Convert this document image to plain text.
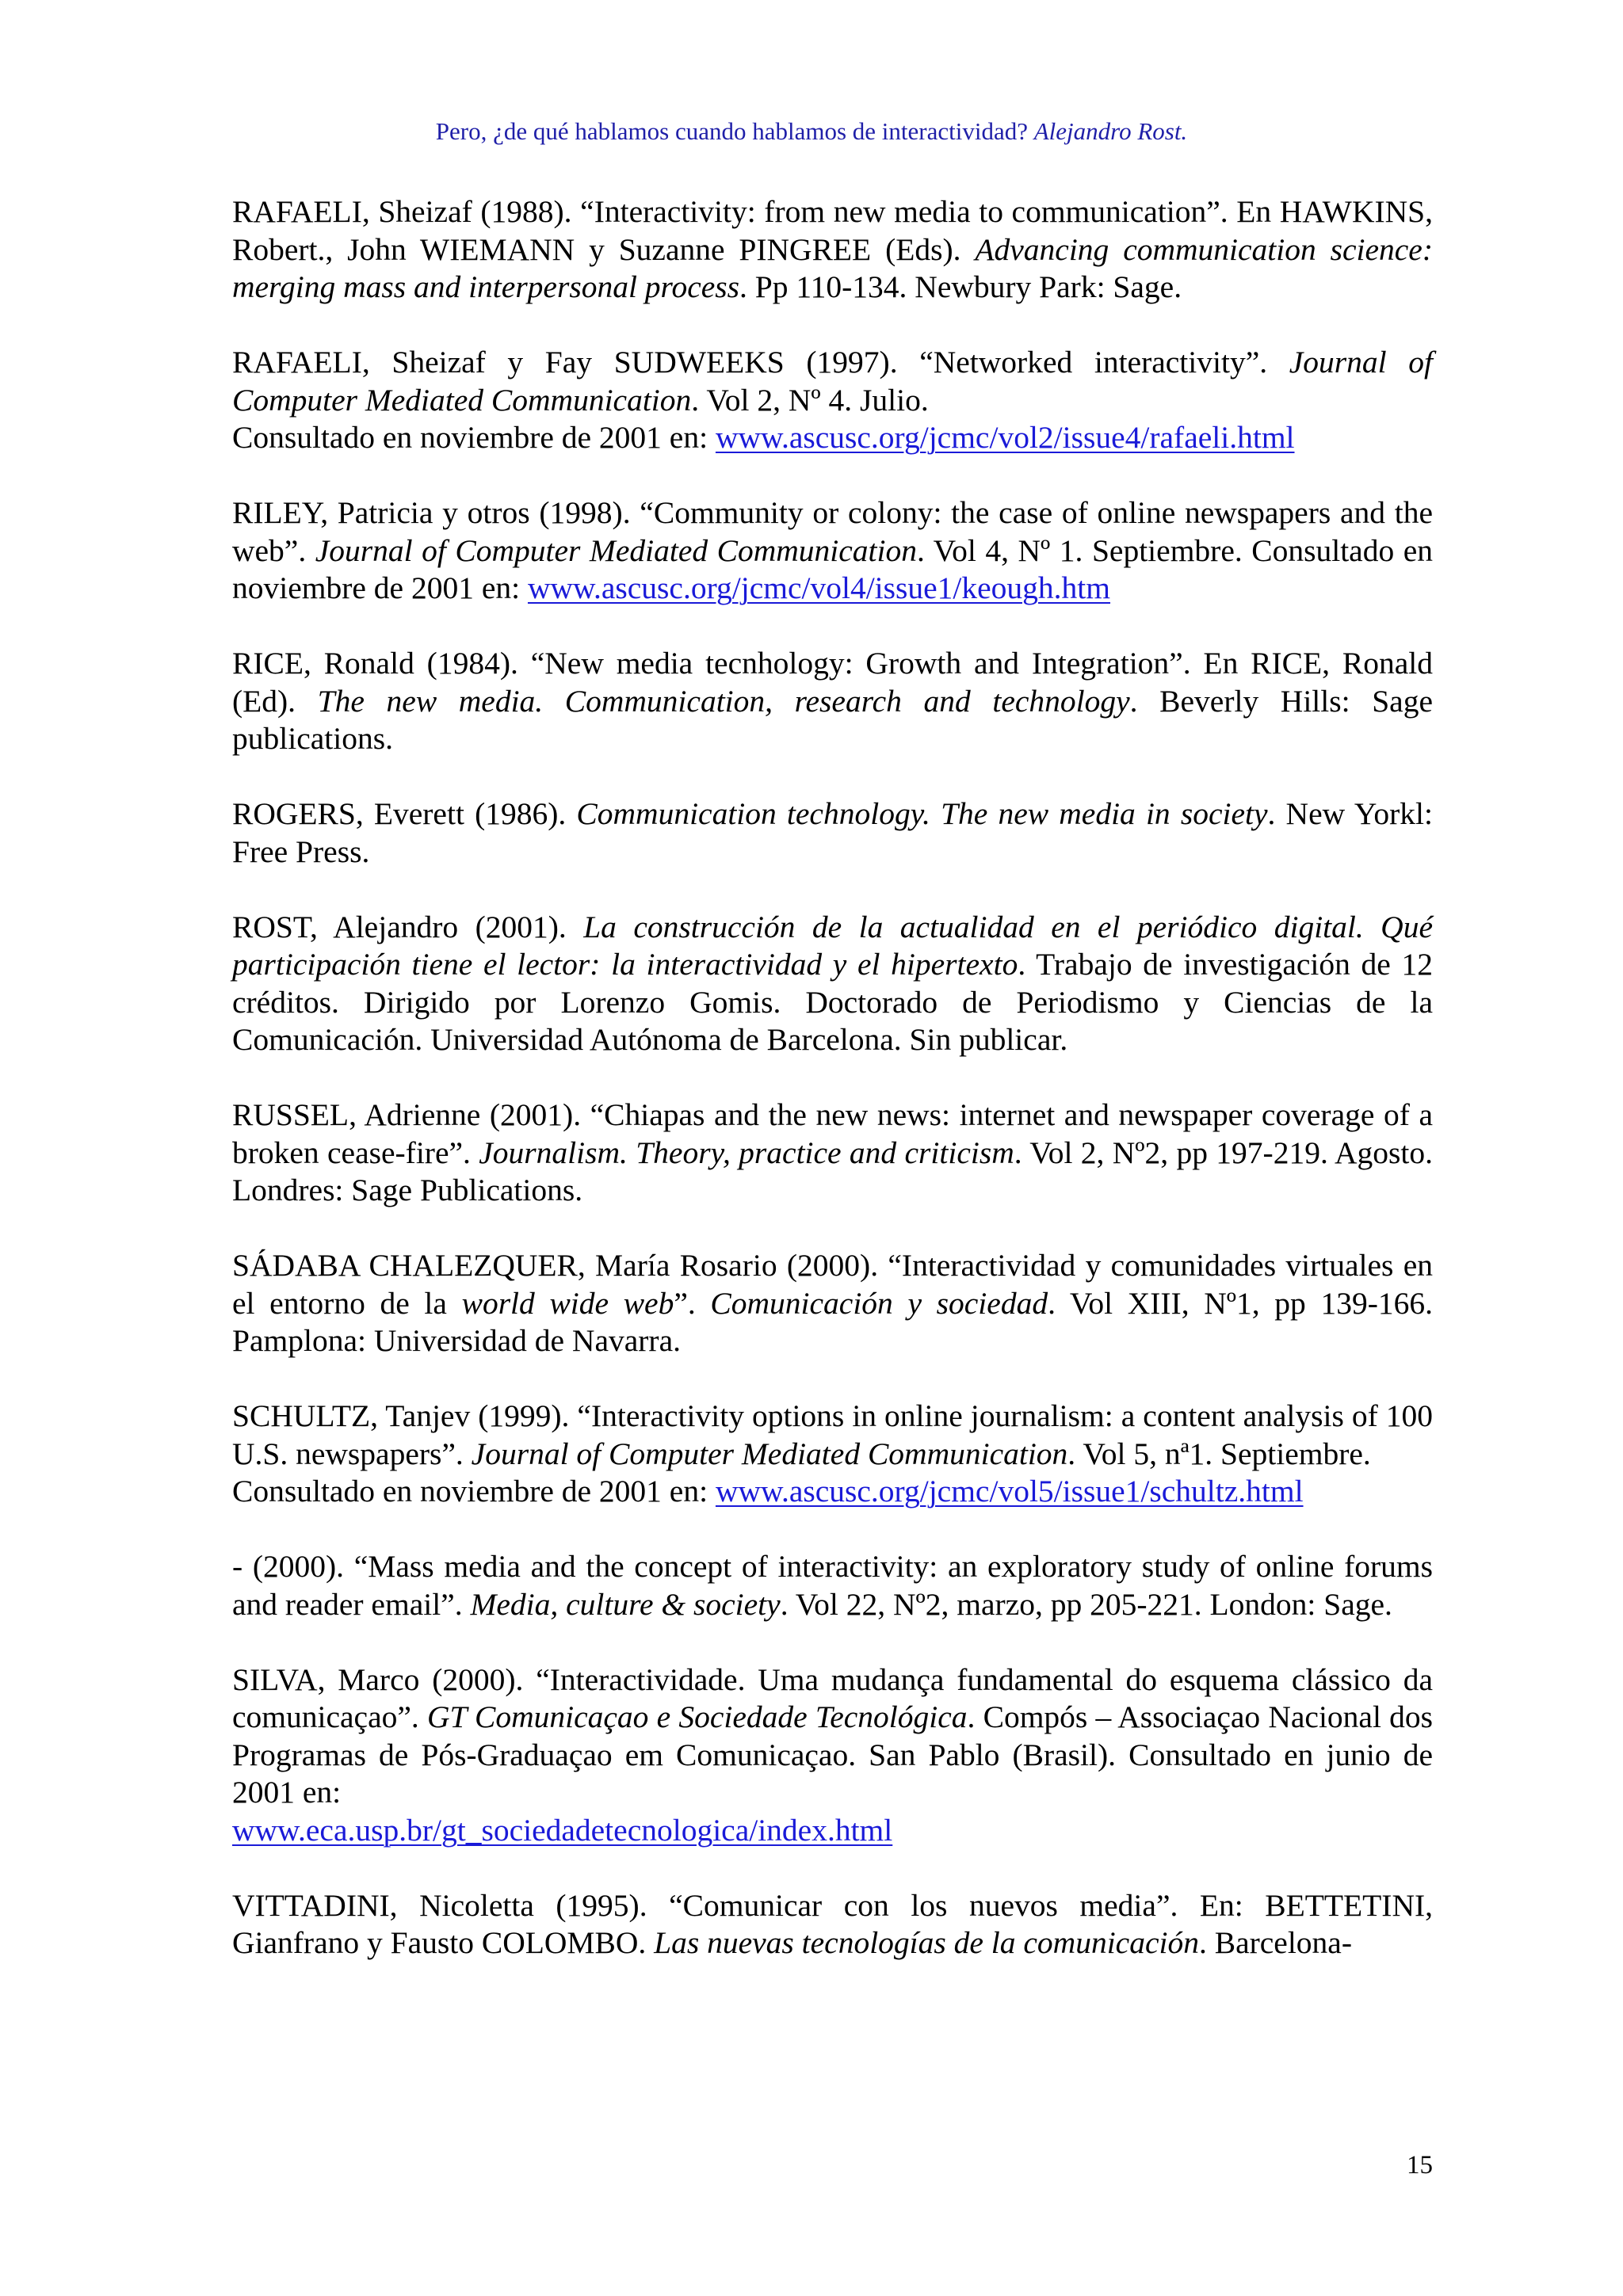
Pero, ¿de qué hablamos cuando hablamos de interactividad? Alejandro Rost.

RAFAELI, Sheizaf (1988). “Interactivity: from new media to communication”. En HAWKINS, Robert., John WIEMANN y Suzanne PINGREE (Eds). Advancing communication science: merging mass and interpersonal process. Pp 110-134. Newbury Park: Sage.

RAFAELI, Sheizaf y Fay SUDWEEKS (1997). “Networked interactivity”. Journal of Computer Mediated Communication. Vol 2, Nº 4. Julio.
Consultado en noviembre de 2001 en: www.ascusc.org/jcmc/vol2/issue4/rafaeli.html

RILEY, Patricia y otros (1998). “Community or colony: the case of online newspapers and the web”. Journal of Computer Mediated Communication. Vol 4, Nº 1. Septiembre. Consultado en noviembre de 2001 en: www.ascusc.org/jcmc/vol4/issue1/keough.htm

RICE, Ronald (1984). “New media tecnhology: Growth and Integration”. En RICE, Ronald (Ed). The new media. Communication, research and technology. Beverly Hills: Sage publications.

ROGERS, Everett (1986). Communication technology. The new media in society. New Yorkl: Free Press.

ROST, Alejandro (2001). La construcción de la actualidad en el periódico digital. Qué participación tiene el lector: la interactividad y el hipertexto. Trabajo de investigación de 12 créditos. Dirigido por Lorenzo Gomis. Doctorado de Periodismo y Ciencias de la Comunicación. Universidad Autónoma de Barcelona. Sin publicar.

RUSSEL, Adrienne (2001). “Chiapas and the new news: internet and newspaper coverage of a broken cease-fire”. Journalism. Theory, practice and criticism. Vol 2, Nº2, pp 197-219. Agosto. Londres: Sage Publications.

SÁDABA CHALEZQUER, María Rosario (2000). “Interactividad y comunidades virtuales en el entorno de la world wide web”. Comunicación y sociedad. Vol XIII, Nº1, pp 139-166. Pamplona: Universidad de Navarra.

SCHULTZ, Tanjev (1999). “Interactivity options in online journalism: a content analysis of 100 U.S. newspapers”. Journal of Computer Mediated Communication. Vol 5, nª1. Septiembre.
Consultado en noviembre de 2001 en: www.ascusc.org/jcmc/vol5/issue1/schultz.html

- (2000). “Mass media and the concept of interactivity: an exploratory study of online forums and reader email”. Media, culture & society. Vol 22, Nº2, marzo, pp 205-221. London: Sage.

SILVA, Marco (2000). “Interactividade. Uma mudança fundamental do esquema clássico da comunicaçao”. GT Comunicaçao e Sociedade Tecnológica. Compós – Associaçao Nacional dos Programas de Pós-Graduaçao em Comunicaçao. San Pablo (Brasil). Consultado en junio de 2001 en:
www.eca.usp.br/gt_sociedadetecnologica/index.html

VITTADINI, Nicoletta (1995). “Comunicar con los nuevos media”. En: BETTETINI, Gianfrano y Fausto COLOMBO. Las nuevas tecnologías de la comunicación. Barcelona-

15
